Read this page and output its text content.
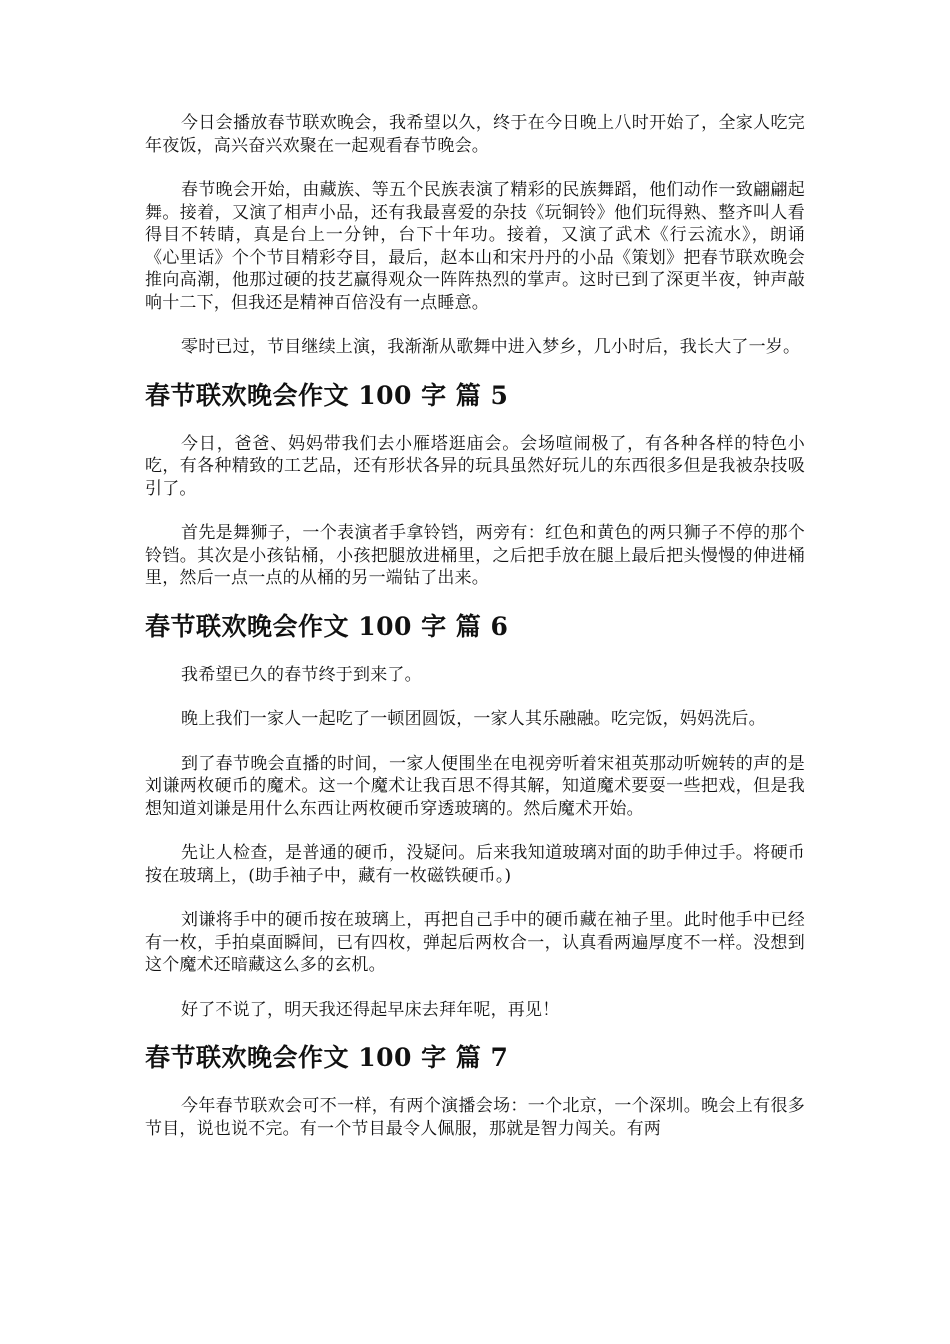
今日会播放春节联欢晚会，我希望以久，终于在今日晚上八时开始了，全家人吃完年夜饭，高兴奋兴欢聚在一起观看春节晚会。

春节晚会开始，由藏族、等五个民族表演了精彩的民族舞蹈，他们动作一致翩翩起舞。接着，又演了相声小品，还有我最喜爱的杂技《玩铜铃》他们玩得熟、整齐叫人看得目不转睛，真是台上一分钟，台下十年功。接着，又演了武术《行云流水》，朗诵《心里话》个个节目精彩夺目，最后，赵本山和宋丹丹的小品《策划》把春节联欢晚会推向高潮，他那过硬的技艺赢得观众一阵阵热烈的掌声。这时已到了深更半夜，钟声敲响十二下，但我还是精神百倍没有一点睡意。

零时已过，节目继续上演，我渐渐从歌舞中进入梦乡，几小时后，我长大了一岁。

春节联欢晚会作文 100 字 篇 5

今日，爸爸、妈妈带我们去小雁塔逛庙会。会场喧闹极了，有各种各样的特色小吃，有各种精致的工艺品，还有形状各异的玩具虽然好玩儿的东西很多但是我被杂技吸引了。

首先是舞狮子，一个表演者手拿铃铛，两旁有：红色和黄色的两只狮子不停的那个铃铛。其次是小孩钻桶，小孩把腿放进桶里，之后把手放在腿上最后把头慢慢的伸进桶里，然后一点一点的从桶的另一端钻了出来。

春节联欢晚会作文 100 字 篇 6

我希望已久的春节终于到来了。

晚上我们一家人一起吃了一顿团圆饭，一家人其乐融融。吃完饭，妈妈洗后。

到了春节晚会直播的时间，一家人便围坐在电视旁听着宋祖英那动听婉转的声的是刘谦两枚硬币的魔术。这一个魔术让我百思不得其解，知道魔术要耍一些把戏，但是我想知道刘谦是用什么东西让两枚硬币穿透玻璃的。然后魔术开始。

先让人检查，是普通的硬币，没疑问。后来我知道玻璃对面的助手伸过手。将硬币按在玻璃上，(助手袖子中，藏有一枚磁铁硬币。)

刘谦将手中的硬币按在玻璃上，再把自己手中的硬币藏在袖子里。此时他手中已经有一枚，手拍桌面瞬间，已有四枚，弹起后两枚合一，认真看两遍厚度不一样。没想到这个魔术还暗藏这么多的玄机。

好了不说了，明天我还得起早床去拜年呢，再见！

春节联欢晚会作文 100 字 篇 7

今年春节联欢会可不一样，有两个演播会场：一个北京，一个深圳。晚会上有很多节目，说也说不完。有一个节目最令人佩服，那就是智力闯关。有两
